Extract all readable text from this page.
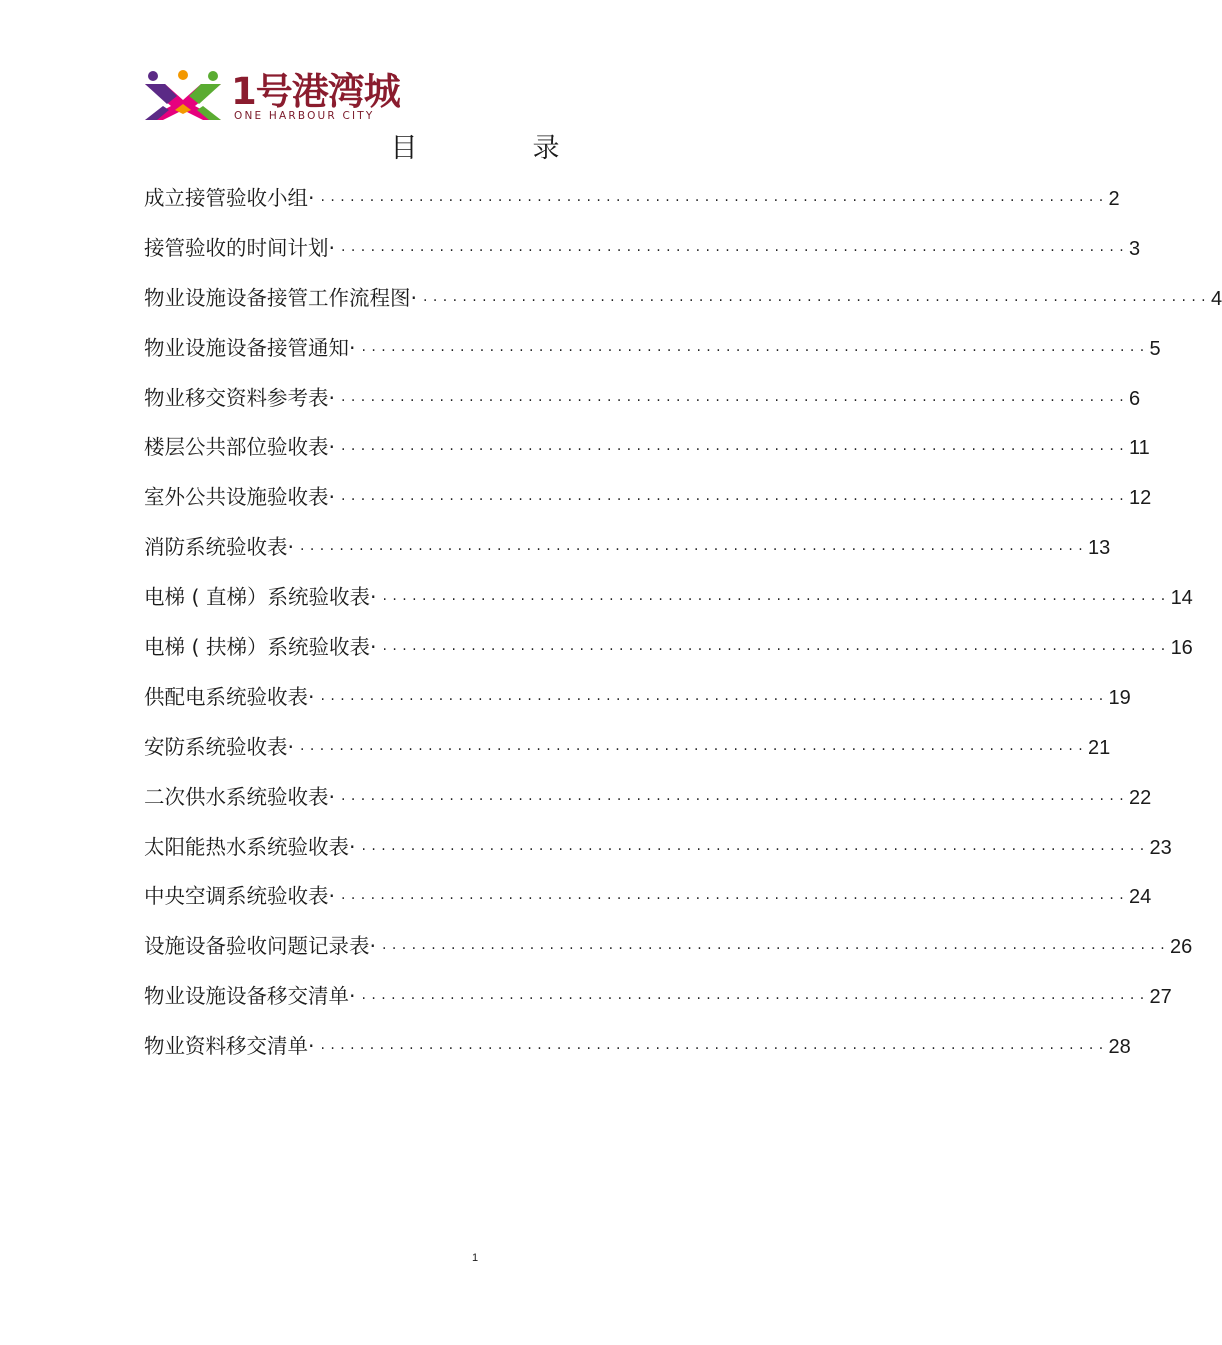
1号港湾城
ONE HARBOUR CITY
目　录
成立接管验收小组· ················································································ 2
接管验收的时间计划· ················································································ 3
物业设施设备接管工作流程图· ················································································ 4
物业设施设备接管通知· ················································································ 5
物业移交资料参考表· ················································································ 6
楼层公共部位验收表· ················································································ 11
室外公共设施验收表· ················································································ 12
消防系统验收表· ················································································ 13
电梯 ( 直梯）系统验收表· ················································································ 14
电梯 ( 扶梯）系统验收表· ················································································ 16
供配电系统验收表· ················································································ 19
安防系统验收表· ················································································ 21
二次供水系统验收表· ················································································ 22
太阳能热水系统验收表· ················································································ 23
中央空调系统验收表· ················································································ 24
设施设备验收问题记录表· ················································································ 26
物业设施设备移交清单· ················································································ 27
物业资料移交清单· ················································································ 28
1
